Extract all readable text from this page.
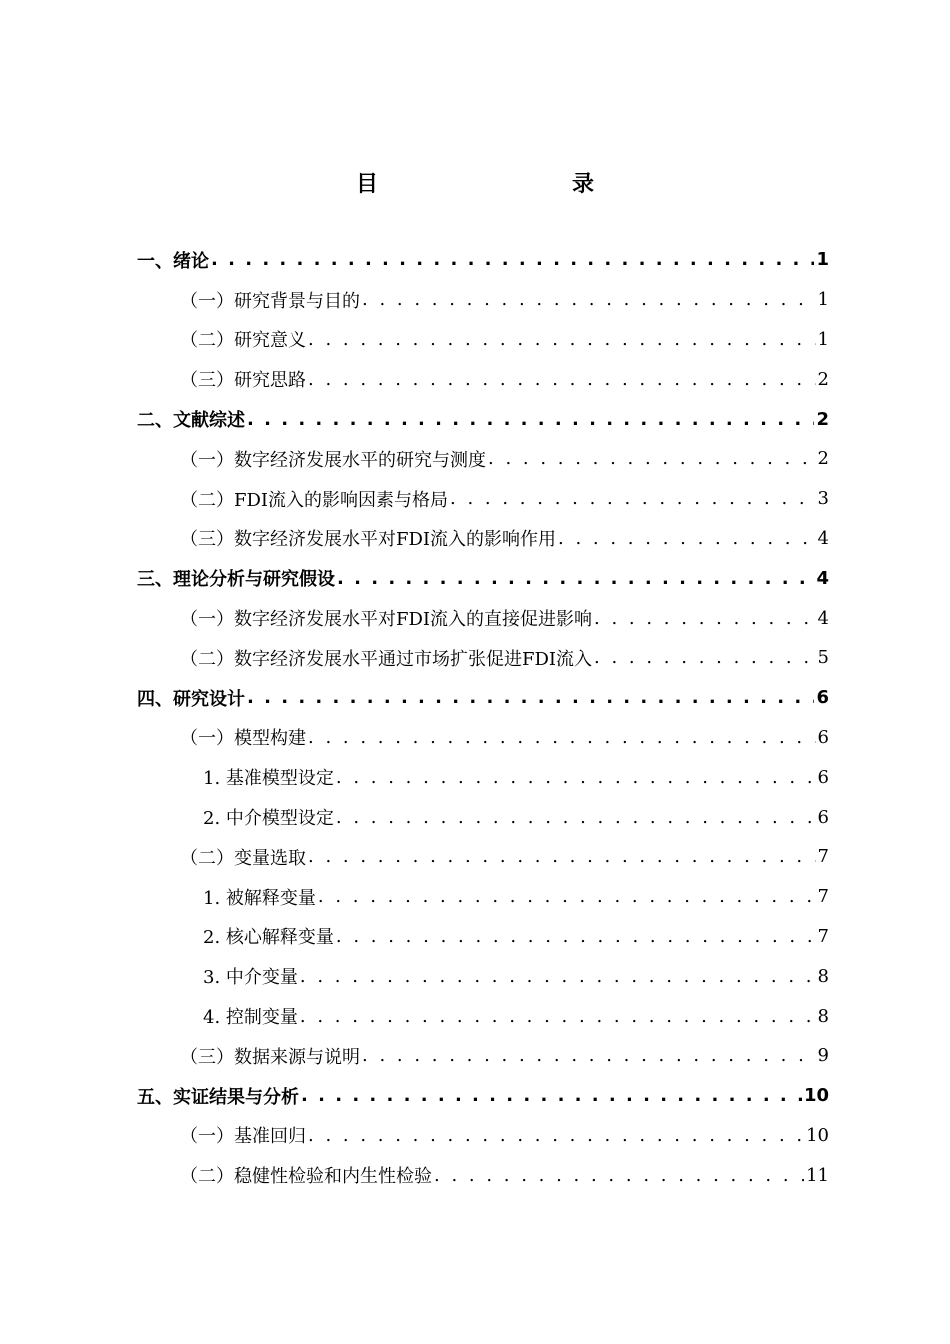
目　　录
一、绪论 . . .	1
（一）研究背景与目的 . . .	1
（二）研究意义 . . .	1
（三）研究思路 . . .	2
二、文献综述 . . .	2
（一）数字经济发展水平的研究与测度 . . .	2
（二）FDI流入的影响因素与格局 . . .	3
（三）数字经济发展水平对FDI流入的影响作用 . . .	4
三、理论分析与研究假设 . . .	4
（一）数字经济发展水平对FDI流入的直接促进影响 . . .	4
（二）数字经济发展水平通过市场扩张促进FDI流入 . . .	5
四、研究设计 . . .	6
（一）模型构建 . . .	6
1. 基准模型设定 . . .	6
2. 中介模型设定 . . .	6
（二）变量选取 . . .	7
1. 被解释变量 . . .	7
2. 核心解释变量 . . .	7
3. 中介变量 . . .	8
4. 控制变量 . . .	8
（三）数据来源与说明 . . .	9
五、实证结果与分析 . . .	10
（一）基准回归 . . .	10
（二）稳健性检验和内生性检验 . . .	11
